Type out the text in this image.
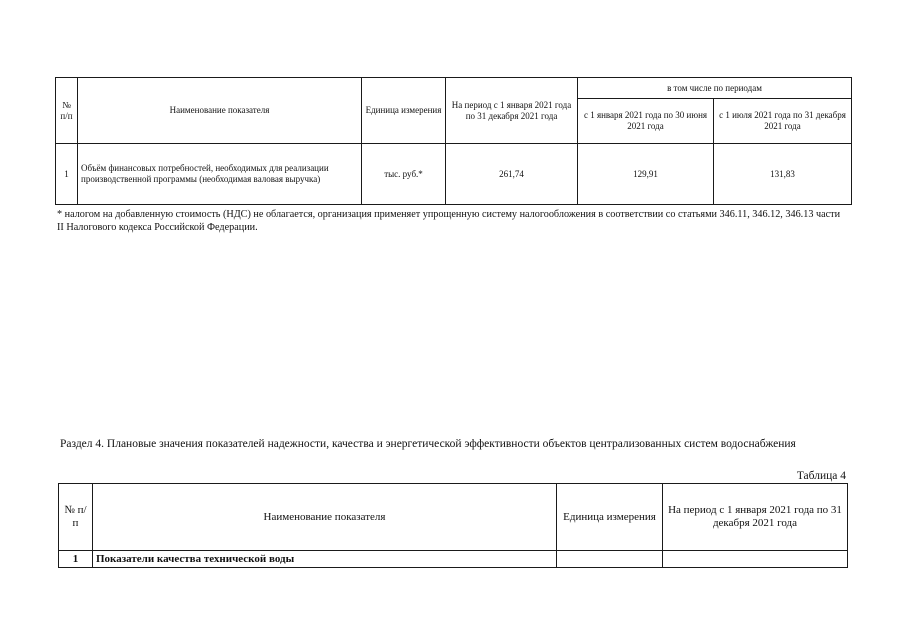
№ п/п	Наименование показателя	Единица измерения	На период с 1 января 2021 года по 31 декабря 2021 года	в том числе по периодам	
				с 1 января 2021 года по 30 июня 2021 года	с 1 июля 2021 года по 31 декабря 2021 года
1	Объём финансовых потребностей, необходимых для реализации производственной программы (необходимая валовая выручка)	тыс. руб.*	261,74	129,91	131,83
* налогом на добавленную стоимость (НДС) не облагается, организация применяет упрощенную систему налогообложения в соответствии со статьями 346.11, 346.12, 346.13 части II Налогового кодекса Российской Федерации.
Раздел 4. Плановые значения показателей надежности, качества и энергетической эффективности объектов централизованных систем водоснабжения
Таблица 4
№ п/п	Наименование показателя	Единица измерения	На период с 1 января 2021 года по 31 декабря 2021 года
1	Показатели качества технической воды		
